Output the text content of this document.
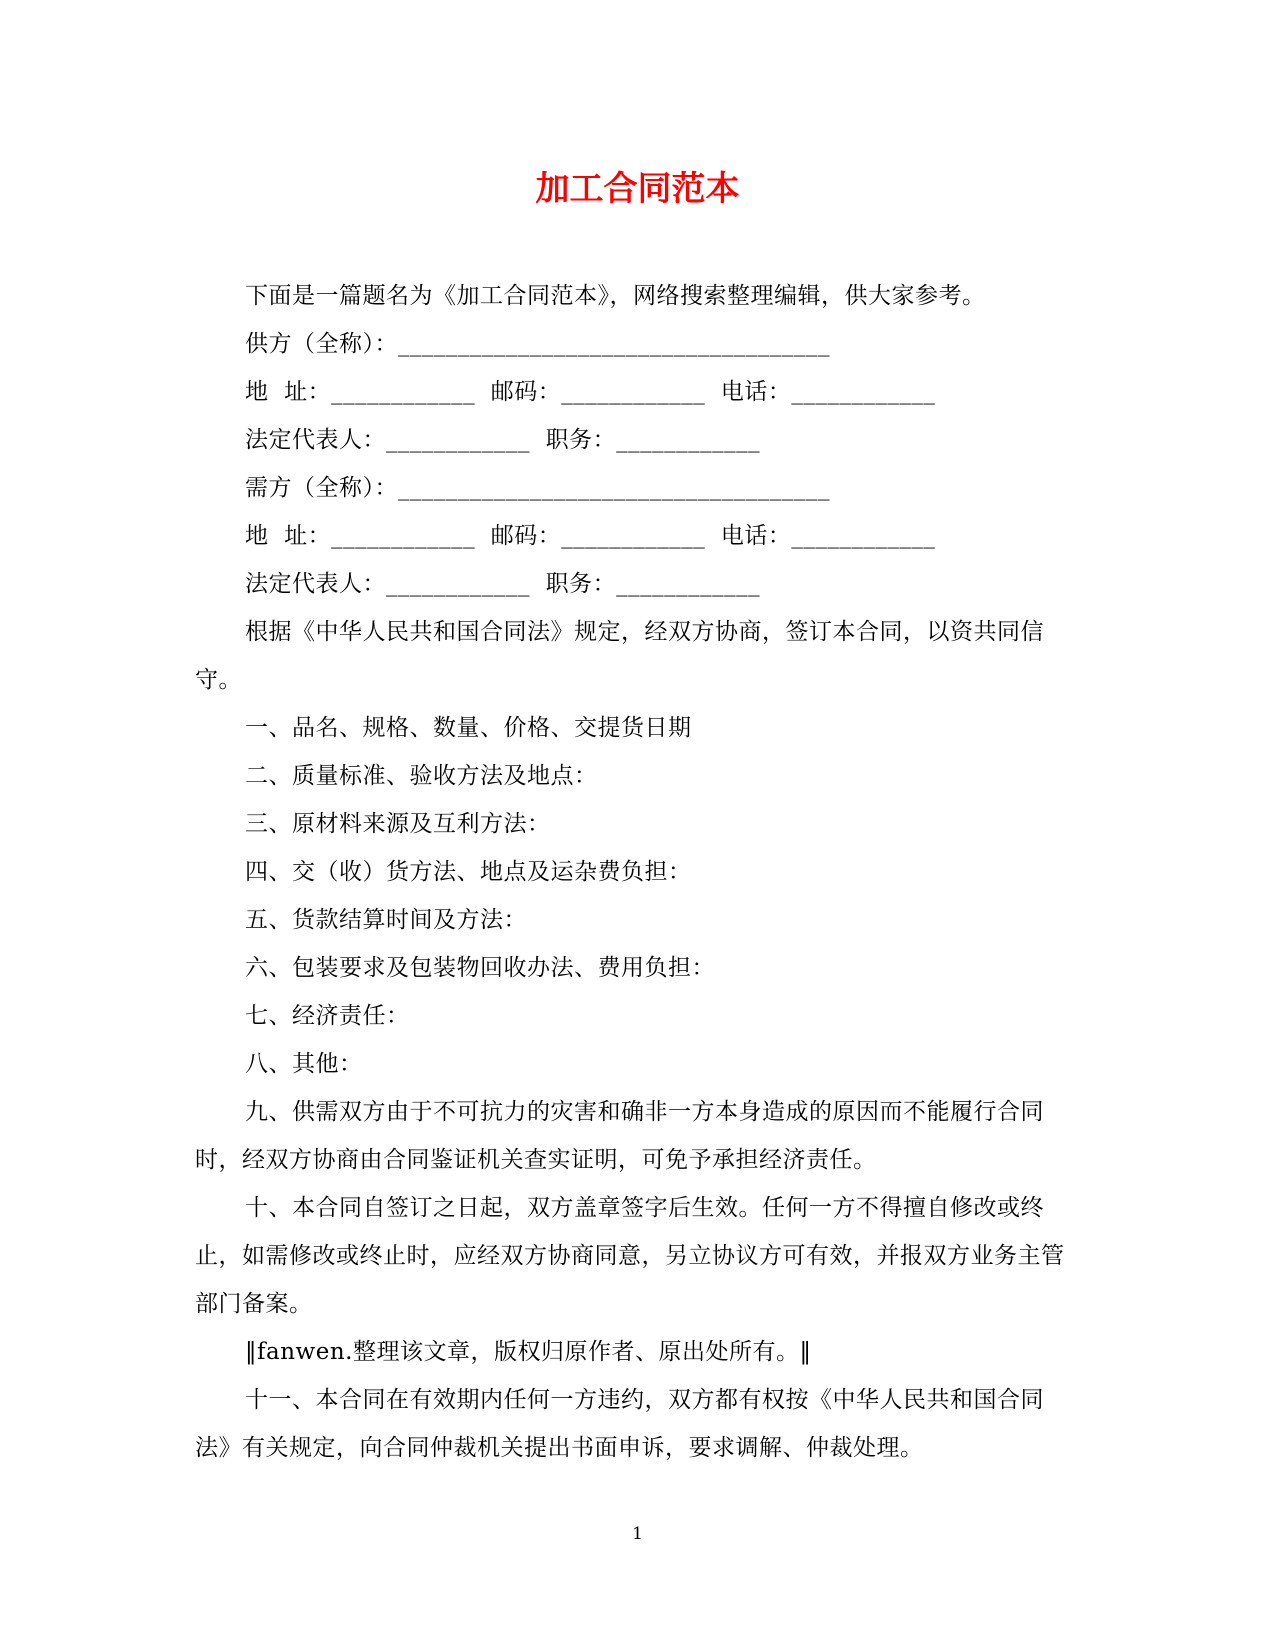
加工合同范本

下面是一篇题名为《加工合同范本》，网络搜索整理编辑，供大家参考。

供方（全称）：____________________________________

地  址：____________  邮码：____________  电话：____________

法定代表人：____________  职务：____________

需方（全称）：____________________________________

地  址：____________  邮码：____________  电话：____________

法定代表人：____________  职务：____________

根据《中华人民共和国合同法》规定，经双方协商，签订本合同，以资共同信守。

一、品名、规格、数量、价格、交提货日期

二、质量标准、验收方法及地点：

三、原材料来源及互利方法：

四、交（收）货方法、地点及运杂费负担：

五、货款结算时间及方法：

六、包装要求及包装物回收办法、费用负担：

七、经济责任：

八、其他：

九、供需双方由于不可抗力的灾害和确非一方本身造成的原因而不能履行合同时，经双方协商由合同鉴证机关查实证明，可免予承担经济责任。

十、本合同自签订之日起，双方盖章签字后生效。任何一方不得擅自修改或终止，如需修改或终止时，应经双方协商同意，另立协议方可有效，并报双方业务主管部门备案。

‖fanwen.整理该文章，版权归原作者、原出处所有。‖

十一、本合同在有效期内任何一方违约，双方都有权按《中华人民共和国合同法》有关规定，向合同仲裁机关提出书面申诉，要求调解、仲裁处理。

1
